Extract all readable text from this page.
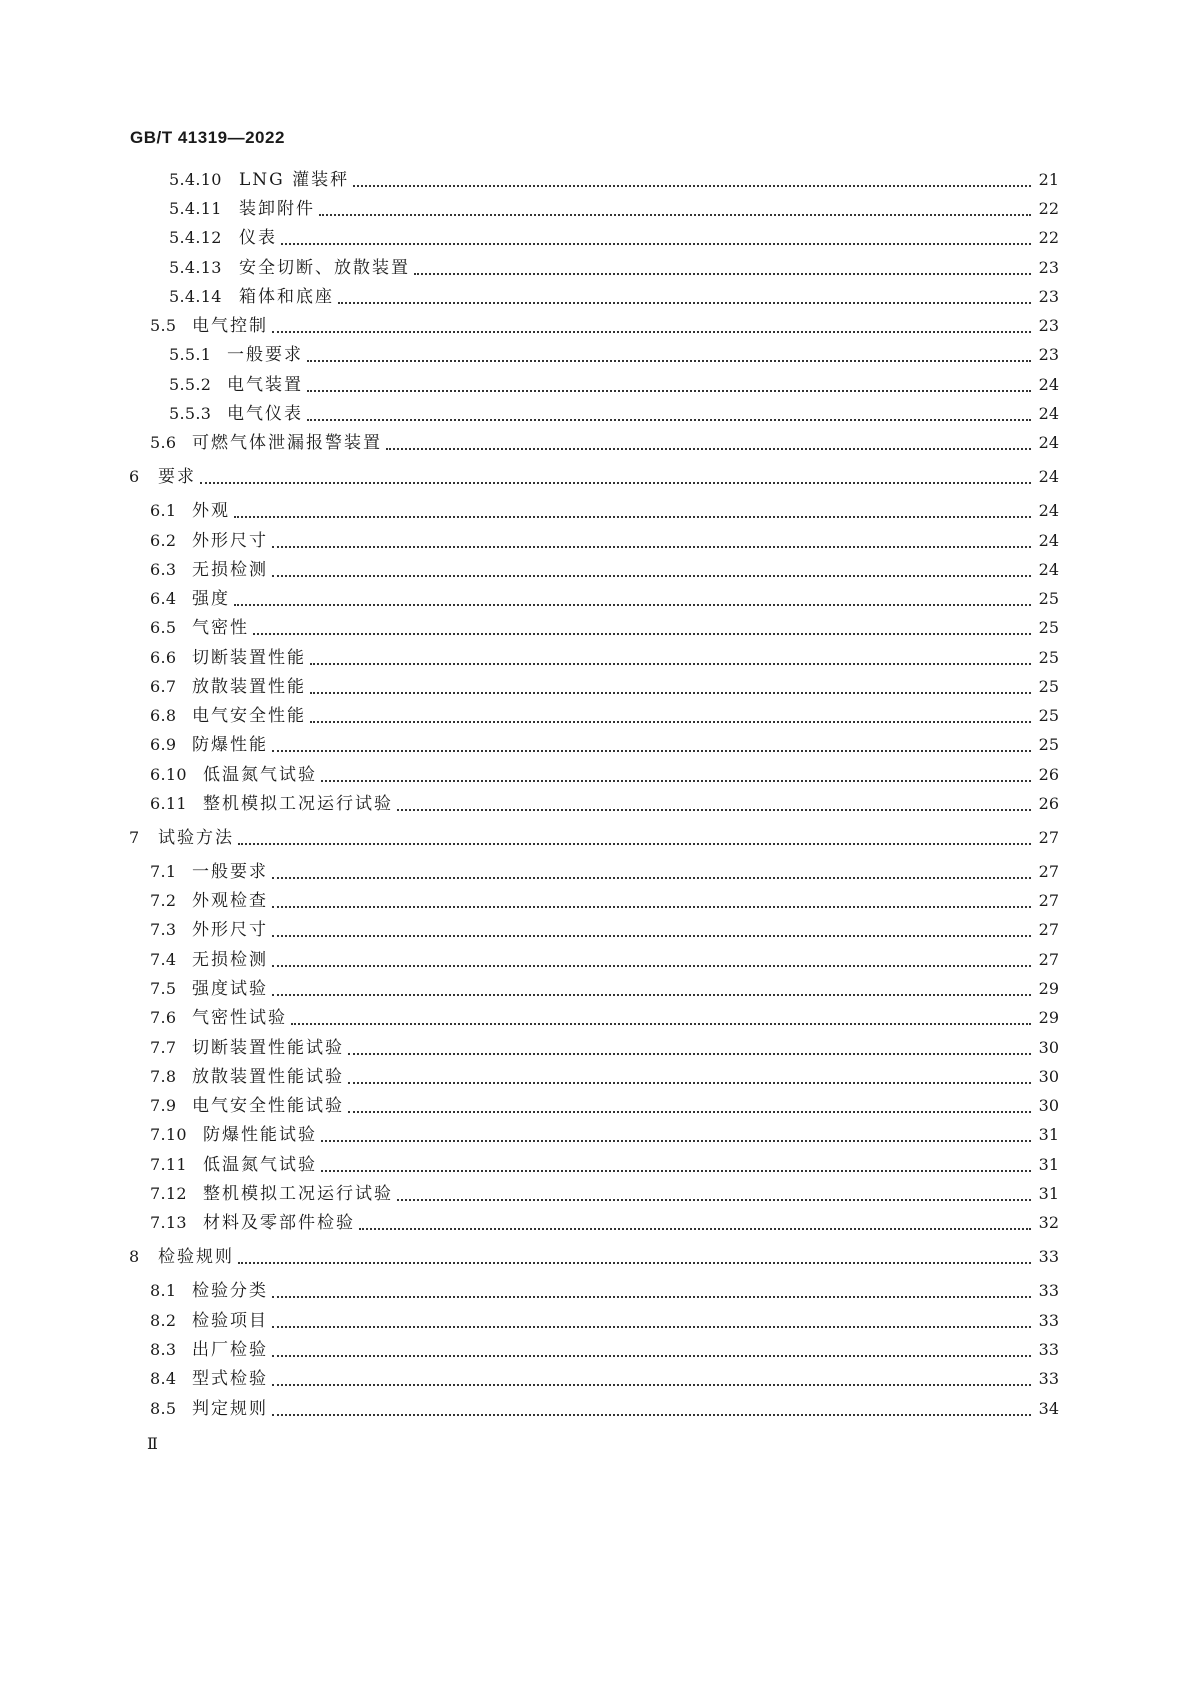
GB/T 41319—2022
5.4.10	LNG 灌装秤	21
5.4.11	装卸附件	22
5.4.12	仪表	22
5.4.13	安全切断、放散装置	23
5.4.14	箱体和底座	23
5.5 电气控制	23
5.5.1 一般要求	23
5.5.2 电气装置	24
5.5.3 电气仪表	24
5.6 可燃气体泄漏报警装置	24
6	要求	24
6.1 外观	24
6.2 外形尺寸	24
6.3 无损检测	24
6.4 强度	25
6.5 气密性	25
6.6 切断装置性能	25
6.7 放散装置性能	25
6.8 电气安全性能	25
6.9 防爆性能	25
6.10 低温氮气试验	26
6.11 整机模拟工况运行试验	26
7	试验方法	27
7.1 一般要求	27
7.2 外观检查	27
7.3 外形尺寸	27
7.4 无损检测	27
7.5 强度试验	29
7.6 气密性试验	29
7.7 切断装置性能试验	30
7.8 放散装置性能试验	30
7.9 电气安全性能试验	30
7.10 防爆性能试验	31
7.11 低温氮气试验	31
7.12 整机模拟工况运行试验	31
7.13 材料及零部件检验	32
8	检验规则	33
8.1 检验分类	33
8.2 检验项目	33
8.3 出厂检验	33
8.4 型式检验	33
8.5 判定规则	34
Ⅱ
